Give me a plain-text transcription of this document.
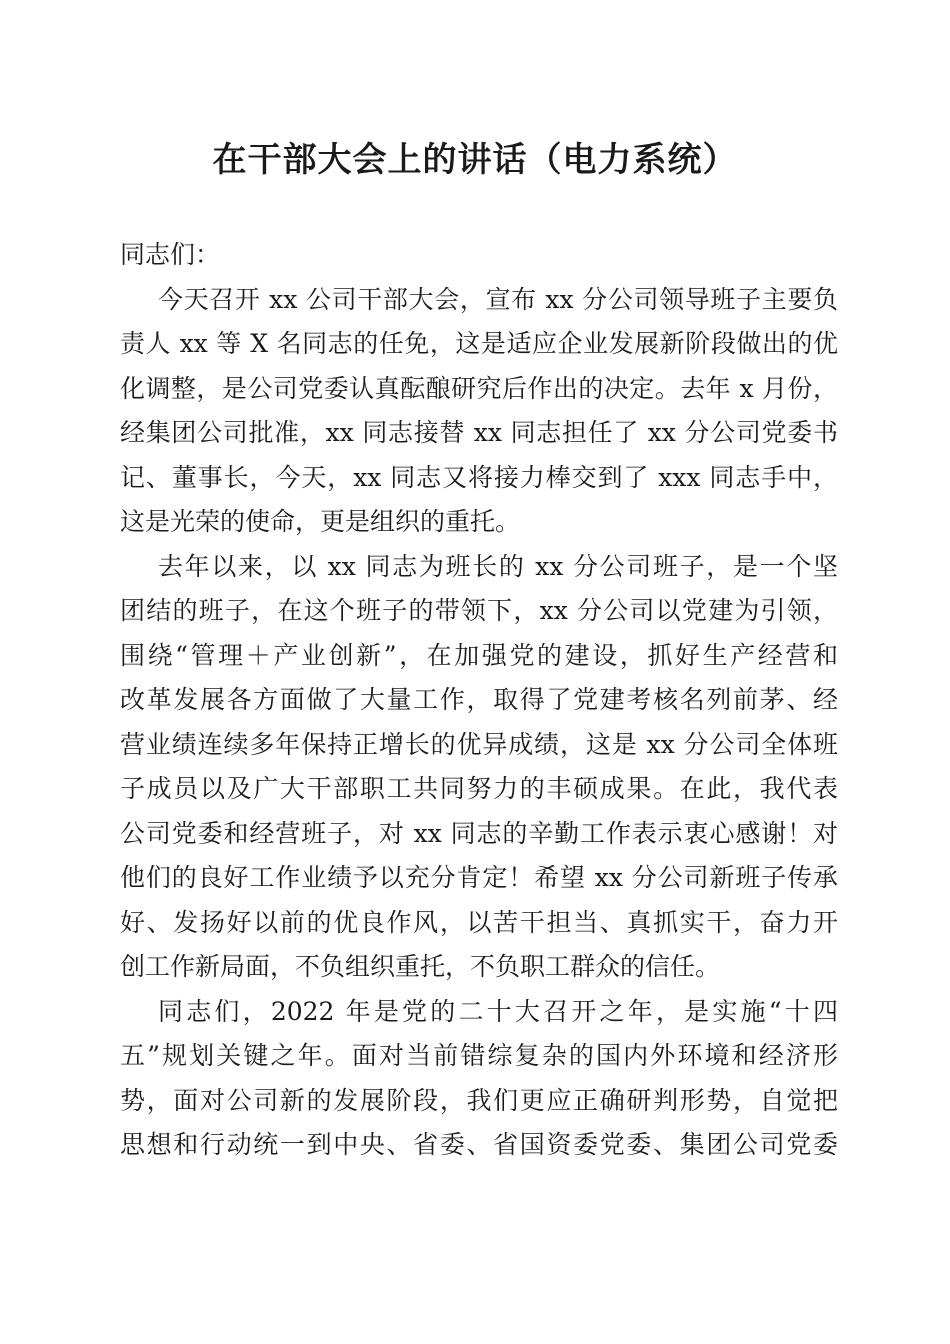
在干部大会上的讲话（电力系统）
同志们：
今天召开 xx 公司干部大会，宣布 xx 分公司领导班子主要负
责人 xx 等 X 名同志的任免，这是适应企业发展新阶段做出的优
化调整，是公司党委认真酝酿研究后作出的决定。去年 x 月份，
经集团公司批准，xx 同志接替 xx 同志担任了 xx 分公司党委书
记、董事长，今天，xx 同志又将接力棒交到了 xxx 同志手中，
这是光荣的使命，更是组织的重托。
去年以来，以 xx 同志为班长的 xx 分公司班子，是一个坚
团结的班子，在这个班子的带领下，xx 分公司以党建为引领，
围绕“管理＋产业创新”，在加强党的建设，抓好生产经营和
改革发展各方面做了大量工作，取得了党建考核名列前茅、经
营业绩连续多年保持正增长的优异成绩，这是 xx 分公司全体班
子成员以及广大干部职工共同努力的丰硕成果。在此，我代表
公司党委和经营班子，对 xx 同志的辛勤工作表示衷心感谢！对
他们的良好工作业绩予以充分肯定！希望 xx 分公司新班子传承
好、发扬好以前的优良作风，以苦干担当、真抓实干，奋力开
创工作新局面，不负组织重托，不负职工群众的信任。
同志们，2022 年是党的二十大召开之年，是实施“十四
五”规划关键之年。面对当前错综复杂的国内外环境和经济形
势，面对公司新的发展阶段，我们更应正确研判形势，自觉把
思想和行动统一到中央、省委、省国资委党委、集团公司党委
